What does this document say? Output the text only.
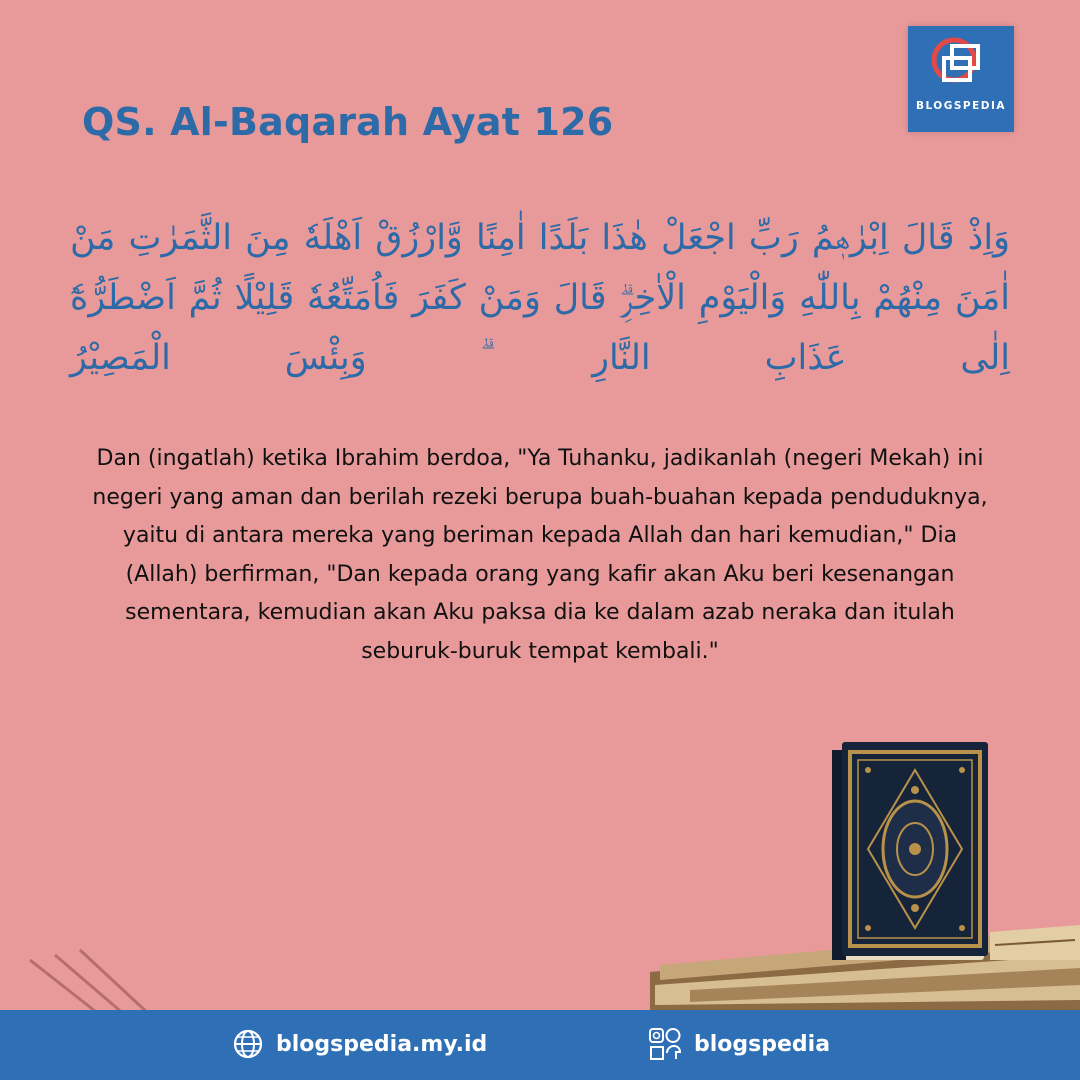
BLOGSPEDIA
QS. Al-Baqarah Ayat 126

وَاِذْ قَالَ اِبْرٰهٖمُ رَبِّ اجْعَلْ هٰذَا بَلَدًا اٰمِنًا وَّارْزُقْ اَهْلَهٗ مِنَ الثَّمَرٰتِ مَنْ اٰمَنَ مِنْهُمْ بِاللّٰهِ وَالْيَوْمِ الْاٰخِرِۗ قَالَ وَمَنْ كَفَرَ فَاُمَتِّعُهٗ قَلِيْلًا ثُمَّ اَضْطَرُّهٗٓ اِلٰى عَذَابِ النَّارِ ۗ وَبِئْسَ الْمَصِيْرُ

Dan (ingatlah) ketika Ibrahim berdoa, "Ya Tuhanku, jadikanlah (negeri Mekah) ini negeri yang aman dan berilah rezeki berupa buah-buahan kepada penduduknya, yaitu di antara mereka yang beriman kepada Allah dan hari kemudian," Dia (Allah) berfirman, "Dan kepada orang yang kafir akan Aku beri kesenangan sementara, kemudian akan Aku paksa dia ke dalam azab neraka dan itulah seburuk-buruk tempat kembali."

blogspedia.my.id	blogspedia
